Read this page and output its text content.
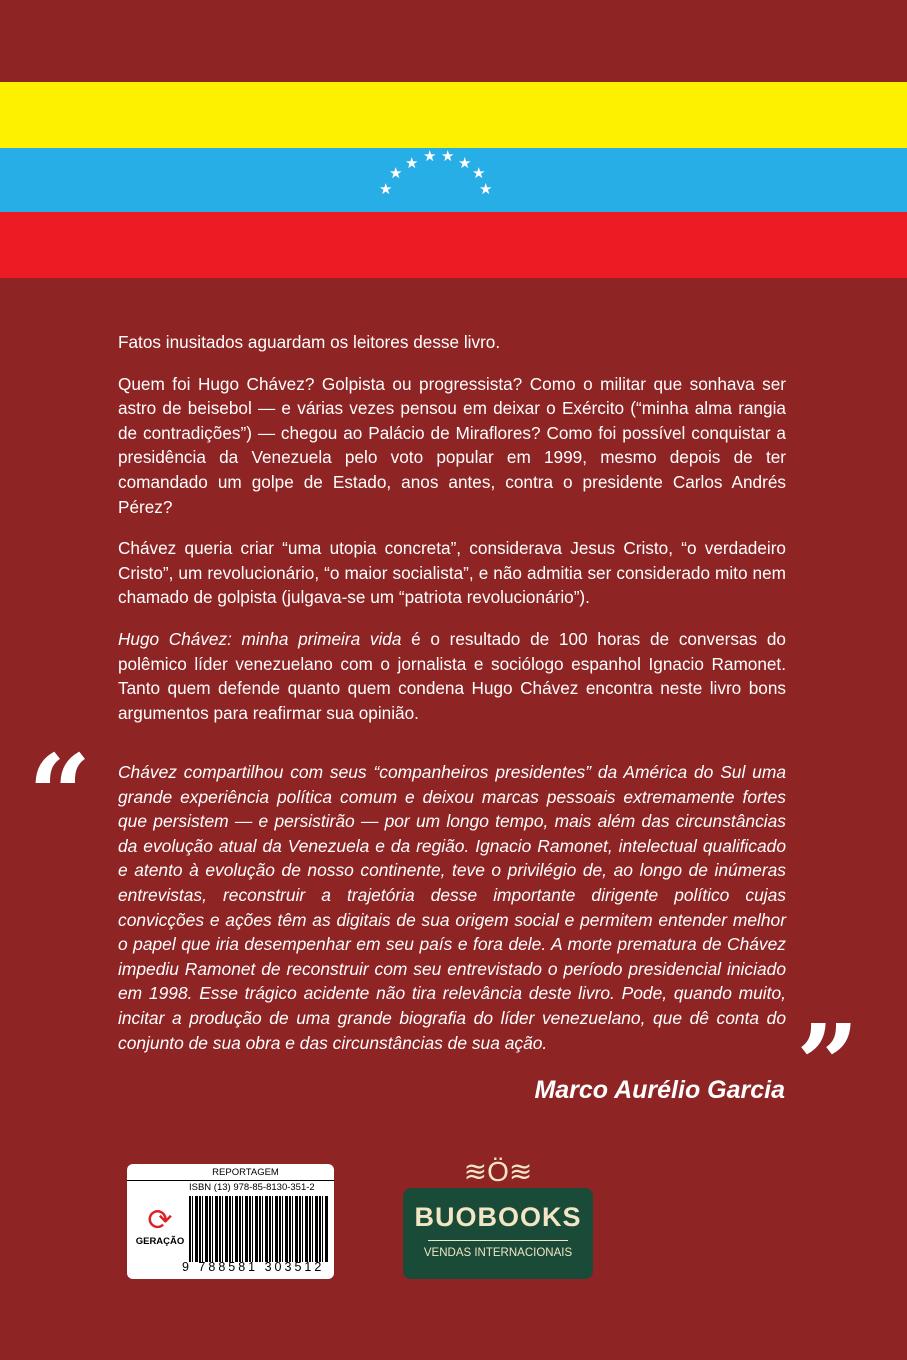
★
★
★ ★ ★ ★
★
★

Fatos inusitados aguardam os leitores desse livro.

Quem foi Hugo Chávez? Golpista ou progressista? Como o militar que sonhava ser astro de beisebol — e várias vezes pensou em deixar o Exército (“minha alma rangia de contradições”) — chegou ao Palácio de Miraflores? Como foi possível conquistar a presidência da Venezuela pelo voto popular em 1999, mesmo depois de ter comandado um golpe de Estado, anos antes, contra o presidente Carlos Andrés Pérez?

Chávez queria criar “uma utopia concreta”, considerava Jesus Cristo, “o verdadeiro Cristo”, um revolucionário, “o maior socialista”, e não admitia ser considerado mito nem chamado de golpista (julgava-se um “patriota revolucionário”).

Hugo Chávez: minha primeira vida é o resultado de 100 horas de conversas do polêmico líder venezuelano com o jornalista e sociólogo espanhol Ignacio Ramonet. Tanto quem defende quanto quem condena Hugo Chávez encontra neste livro bons argumentos para reafirmar sua opinião.

“ Chávez compartilhou com seus “companheiros presidentes” da América do Sul uma grande experiência política comum e deixou marcas pessoais extremamente fortes que persistem — e persistirão — por um longo tempo, mais além das circunstâncias da evolução atual da Venezuela e da região. Ignacio Ramonet, intelectual qualificado e atento à evolução de nosso continente, teve o privilégio de, ao longo de inúmeras entrevistas, reconstruir a trajetória desse importante dirigente político cujas convicções e ações têm as digitais de sua origem social e permitem entender melhor o papel que iria desempenhar em seu país e fora dele. A morte prematura de Chávez impediu Ramonet de reconstruir com seu entrevistado o período presidencial iniciado em 1998. Esse trágico acidente não tira relevância deste livro. Pode, quando muito, incitar a produção de uma grande biografia do líder venezuelano, que dê conta do conjunto de sua obra e das circunstâncias de sua ação.	”
Marco Aurélio Garcia
REPORTAGEM
ISBN (13) 978-85-8130-351-2
9 788581 303512
⟳
GERAÇÃO
≋Ö≋
BUOBOOKS
VENDAS INTERNACIONAIS
